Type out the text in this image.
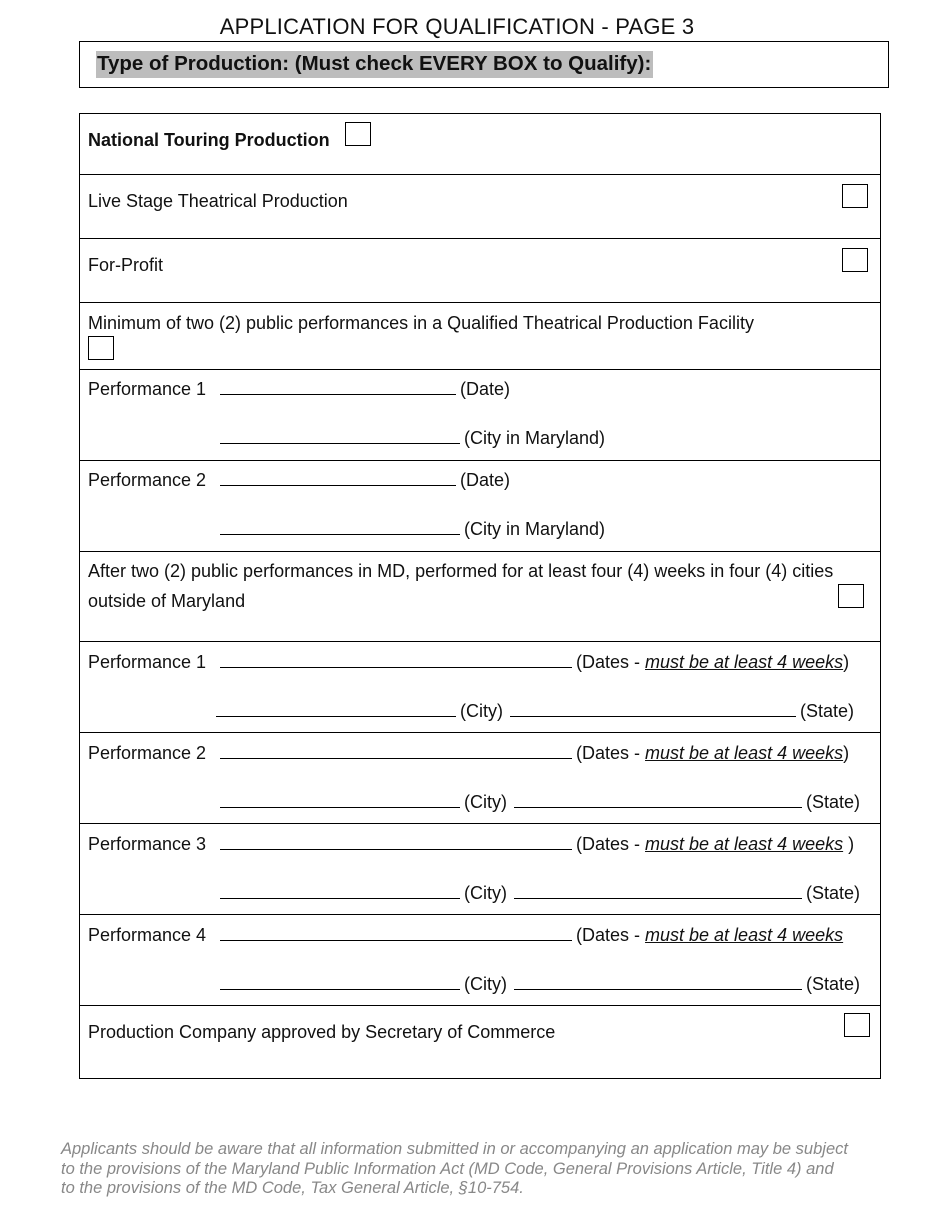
APPLICATION FOR QUALIFICATION - PAGE 3
Type of Production: (Must check EVERY BOX to Qualify):
National Touring Production
Live Stage Theatrical Production
For-Profit
Minimum of two (2) public performances in a Qualified Theatrical Production Facility
Performance 1	(Date)
(City in Maryland)
Performance 2	(Date)
(City in Maryland)
After two (2) public performances in MD, performed for at least four (4) weeks in four (4) cities
outside of Maryland
Performance 1	(Dates - must be at least 4 weeks)
(City)	(State)
Performance 2	(Dates - must be at least 4 weeks)
(City)	(State)
Performance 3	(Dates - must be at least 4 weeks )
(City)	(State)
Performance 4	(Dates - must be at least 4 weeks
(City)	(State)
Production Company approved by Secretary of Commerce
Applicants should be aware that all information submitted in or accompanying an application may be subject
to the provisions of the Maryland Public Information Act (MD Code, General Provisions Article, Title 4) and
to the provisions of the MD Code, Tax General Article, §10-754.
